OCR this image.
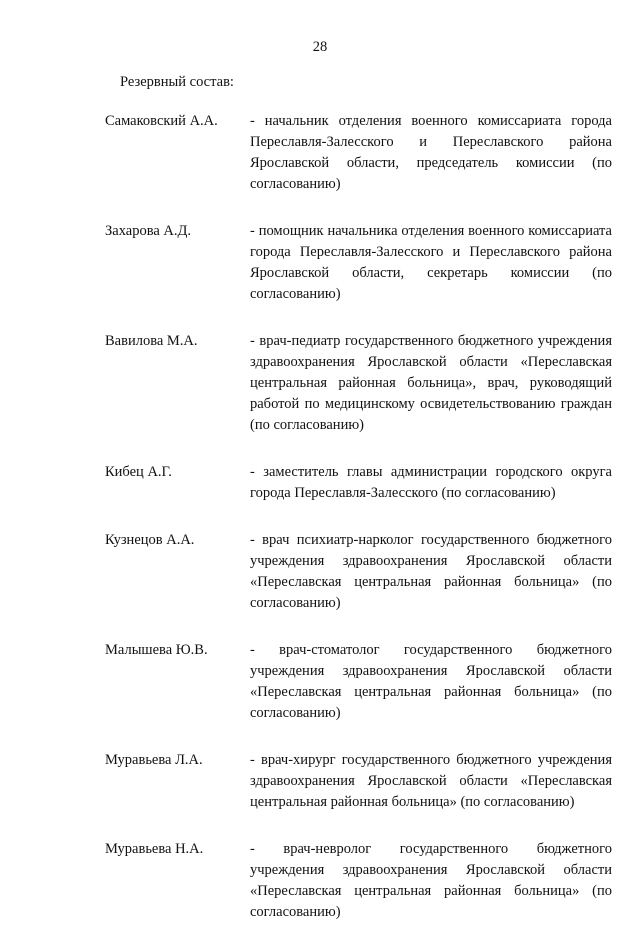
28
Резервный состав:
Самаковский А.А.	- начальник отделения военного комиссариата города Переславля-Залесского и Переславского района Ярославской области, председатель комиссии (по согласованию)
Захарова А.Д.	- помощник начальника отделения военного комиссариата города Переславля-Залесского и Переславского района Ярославской области, секретарь комиссии (по согласованию)
Вавилова М.А.	- врач-педиатр государственного бюджетного учреждения здравоохранения Ярославской области «Переславская центральная районная больница», врач, руководящий работой по медицинскому освидетельствованию граждан (по согласованию)
Кибец А.Г.	- заместитель главы администрации городского округа города Переславля-Залесского (по согласованию)
Кузнецов А.А.	- врач психиатр-нарколог государственного бюджетного учреждения здравоохранения Ярославской области «Переславская центральная районная больница» (по согласованию)
Малышева Ю.В.	- врач-стоматолог государственного бюджетного учреждения здравоохранения Ярославской области «Переславская центральная районная больница» (по согласованию)
Муравьева Л.А.	- врач-хирург государственного бюджетного учреждения здравоохранения Ярославской области «Переславская центральная районная больница» (по согласованию)
Муравьева Н.А.	- врач-невролог государственного бюджетного учреждения здравоохранения Ярославской области «Переславская центральная районная больница» (по согласованию)
